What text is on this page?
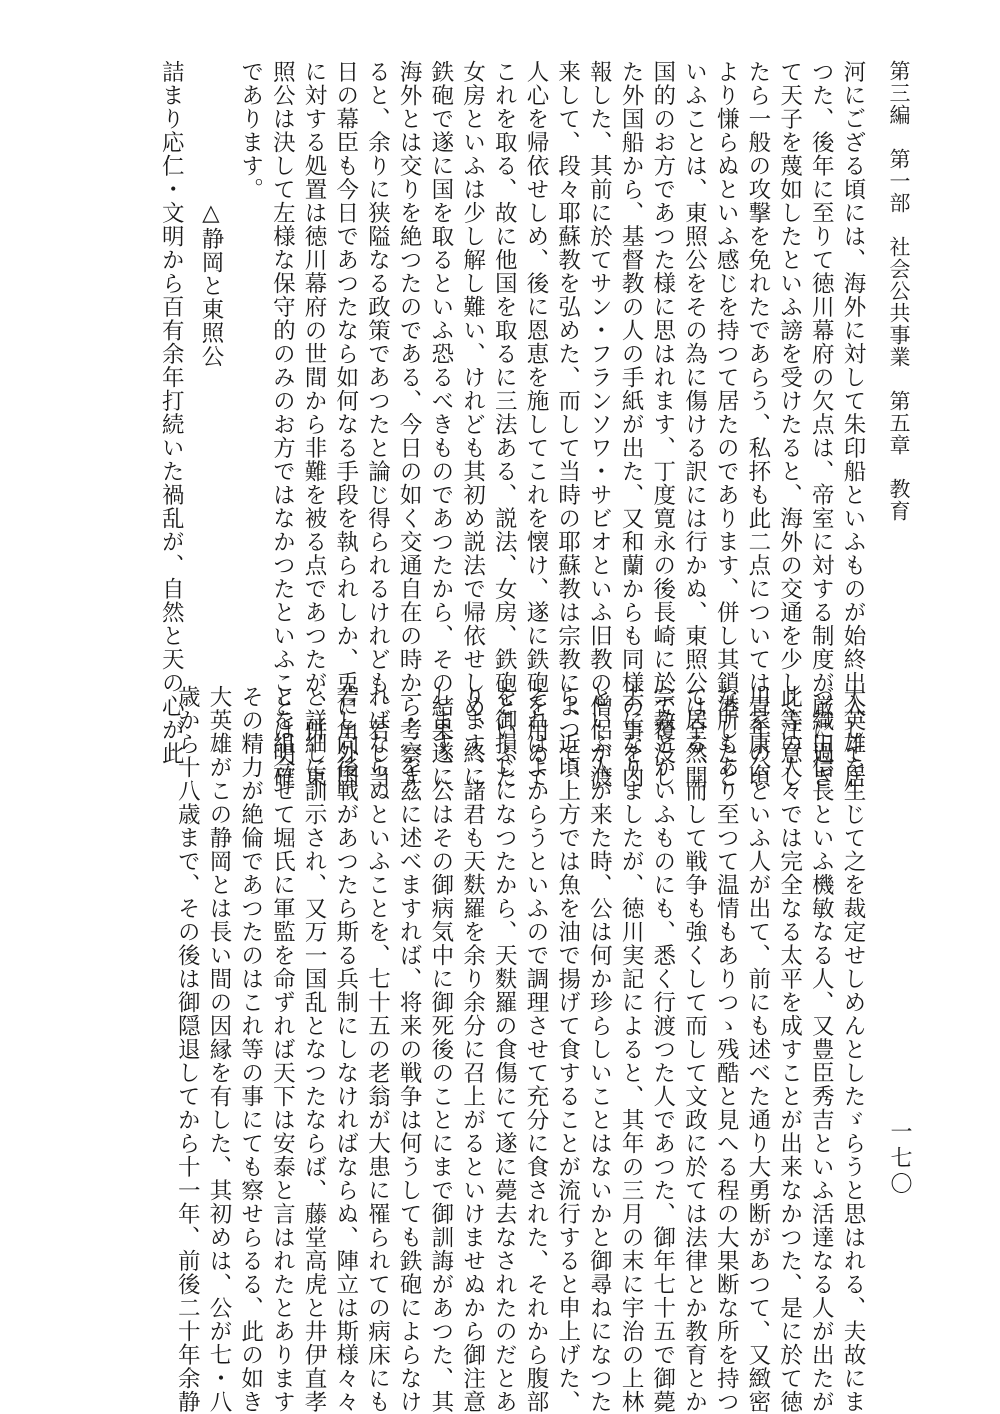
第三編　第一部　社会公共事業　第五章　教育
一七〇

河にござる頃には、海外に対して朱印船といふものが始終出入して居

つた、後年に至りて徳川幕府の欠点は、帝室に対する制度が厳に過ぎ

て天子を蔑如したといふ謗を受けたると、海外の交通を少しく注意し

たら一般の攻撃を免れたであらう、私抔も此二点については青年の頃

より慊らぬといふ感じを持つて居たのであります、併し其鎖港したと

いふことは、東照公をその為に傷ける訳には行かぬ、東照公は全然開

国的のお方であつた様に思はれます、丁度寛永の後長崎に於て覆没し

た外国船から、基督教の人の手紙が出た、又和蘭からも同様の事を内

報した、其前に於てサン・フランソワ・サビオといふ旧教の僧侶が渡

来して、段々耶蘇教を弘めた、而して当時の耶蘇教は宗教によつて、

人心を帰依せしめ、後に恩恵を施してこれを懐け、遂に鉄砲を用ゐて

これを取る、故に他国を取るに三法ある、説法、女房、鉄砲といふた

女房といふは少し解し難い、けれども其初め説法で帰依せしめ、終に

鉄砲で遂に国を取るといふ恐るべきものであつたから、その結果遂に

海外とは交りを絶つたのである、今日の如く交通自在の時から考察す

ると、余りに狭隘なる政策であつたと論じ得られるけれども、若し当

日の幕臣も今日であつたなら如何なる手段を執られしか、兎に角外国

に対する処置は徳川幕府の世間から非難を被る点であつたが、併し東

照公は決して左様な保守的のみのお方ではなかつたといふことは明確

であります。

△静岡と東照公

詰まり応仁・文明から百有余年打続いた禍乱が、自然と天の心が此

大英雄を生じて之を裁定せしめんとしたゞらうと思はれる、夫故にま

づ織田信長といふ機敏なる人、又豊臣秀吉といふ活達なる人が出たが

此等の人々では完全なる太平を成すことが出来なかつた、是に於て徳

川家康公といふ人が出て、前にも述べた通り大勇断があつて、又緻密

な所もあり至つて温情もありつゝ残酷と見へる程の大果断な所を持つ

て居る、而して戦争も強くして而して文政に於ては法律とか教育とか

宗教とかいふものにも、悉く行渡つた人であつた、御年七十五で御薨

去になりましたが、徳川実記によると、其年の三月の末に宇治の上林

といふ人が来た時、公は何か珍らしいことはないかと御尋ねになつた

ら、近頃上方では魚を油で揚げて食することが流行すると申上げた、

それはよからうといふので調理させて充分に食された、それから腹部

を御損じになつたから、天麩羅の食傷にて遂に薨去なされたのだとあ

ります、諸君も天麩羅を余り余分に召上がるといけませぬから御注意

します、公はその御病気中に御死後のことにまで御訓誨があつた、其

一・二を茲に述べますれば、将来の戦争は何うしても鉄砲によらなけ

ればならぬといふことを、七十五の老翁が大患に罹られての病床にも

若し向後戦があつたら斯る兵制にしなければならぬ、陣立は斯様々々

と詳細に訓示され、又万一国乱となつたならば、藤堂高虎と井伊直孝

とを組合せて堀氏に軍監を命ずれば天下は安泰と言はれたとあります

その精力が絶倫であつたのはこれ等の事にても察せらるる、此の如き

大英雄がこの静岡とは長い間の因縁を有した、其初めは、公が七・八

歳から十八歳まで、その後は御隠退してから十一年、前後二十年余静
